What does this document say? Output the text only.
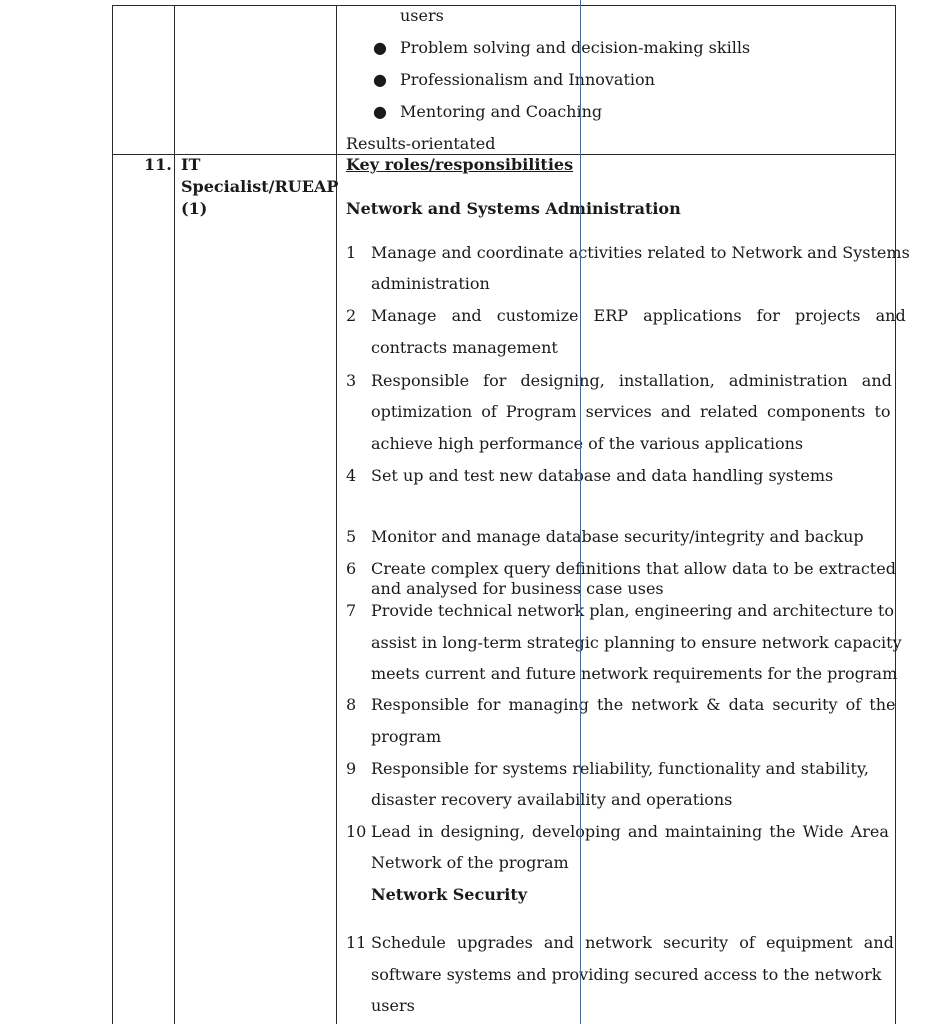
users
● Problem solving and decision-making skills
● Professionalism and Innovation
● Mentoring and Coaching
Results-orientated
11. IT
Specialist/RUEAP
(1)
Key roles/responsibilities
Network and Systems Administration
1 Manage and coordinate activities related to Network and Systems
administration
2 Manage and customize ERP applications for projects and
contracts management
3 Responsible for designing, installation, administration and
optimization of Program services and related components to
achieve high performance of the various applications
4 Set up and test new database and data handling systems
5 Monitor and manage database security/integrity and backup
6 Create complex query definitions that allow data to be extracted
and analysed for business case uses
7 Provide technical network plan, engineering and architecture to
assist in long-term strategic planning to ensure network capacity
meets current and future network requirements for the program
8 Responsible for managing the network & data security of the
program
9 Responsible for systems reliability, functionality and stability,
disaster recovery availability and operations
10 Lead in designing, developing and maintaining the Wide Area
Network of the program
Network Security
11 Schedule upgrades and network security of equipment and
software systems and providing secured access to the network
users
